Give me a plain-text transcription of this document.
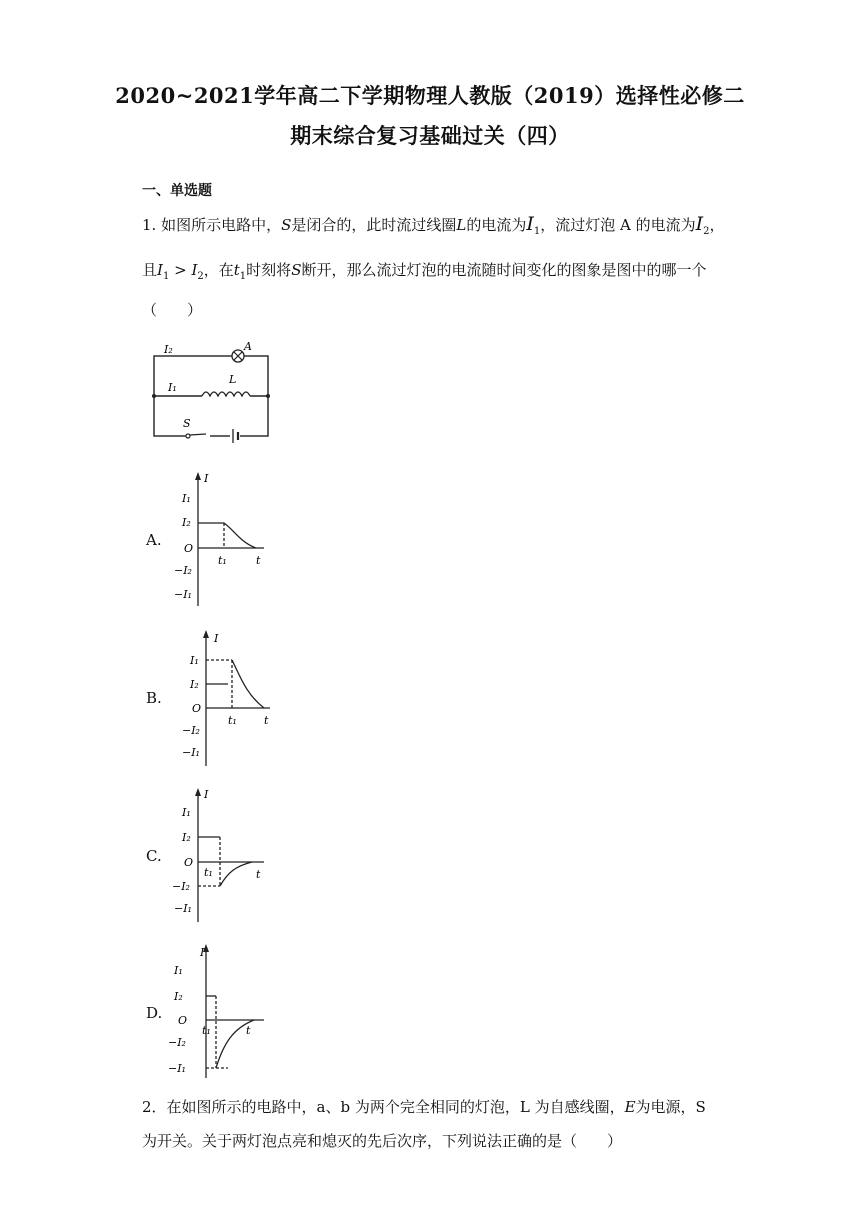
2020~2021学年高二下学期物理人教版（2019）选择性必修二
期末综合复习基础过关（四）
一、单选题
1. 如图所示电路中，S是闭合的，此时流过线圈L的电流为$I_1$，流过灯泡 A 的电流为$I_2$，
且$I_1 > I_2$，在$t_1$时刻将S断开，那么流过灯泡的电流随时间变化的图象是图中的哪一个
（　　）
I₂	A
I₁
L
S
A.
I
I₁
I₂
O
t₁	t
−I₂
−I₁
B.
I
I₁
I₂
O
t₁ t
−I₂
−I₁
C.
I
I₁
I₂
O
t₁	t
−I₂
−I₁
D.
I
I₁
I₂
O
t₁	t
−I₂
−I₁
2．在如图所示的电路中，a、b 为两个完全相同的灯泡，L 为自感线圈，E为电源，S
为开关。关于两灯泡点亮和熄灭的先后次序，下列说法正确的是（　　）
